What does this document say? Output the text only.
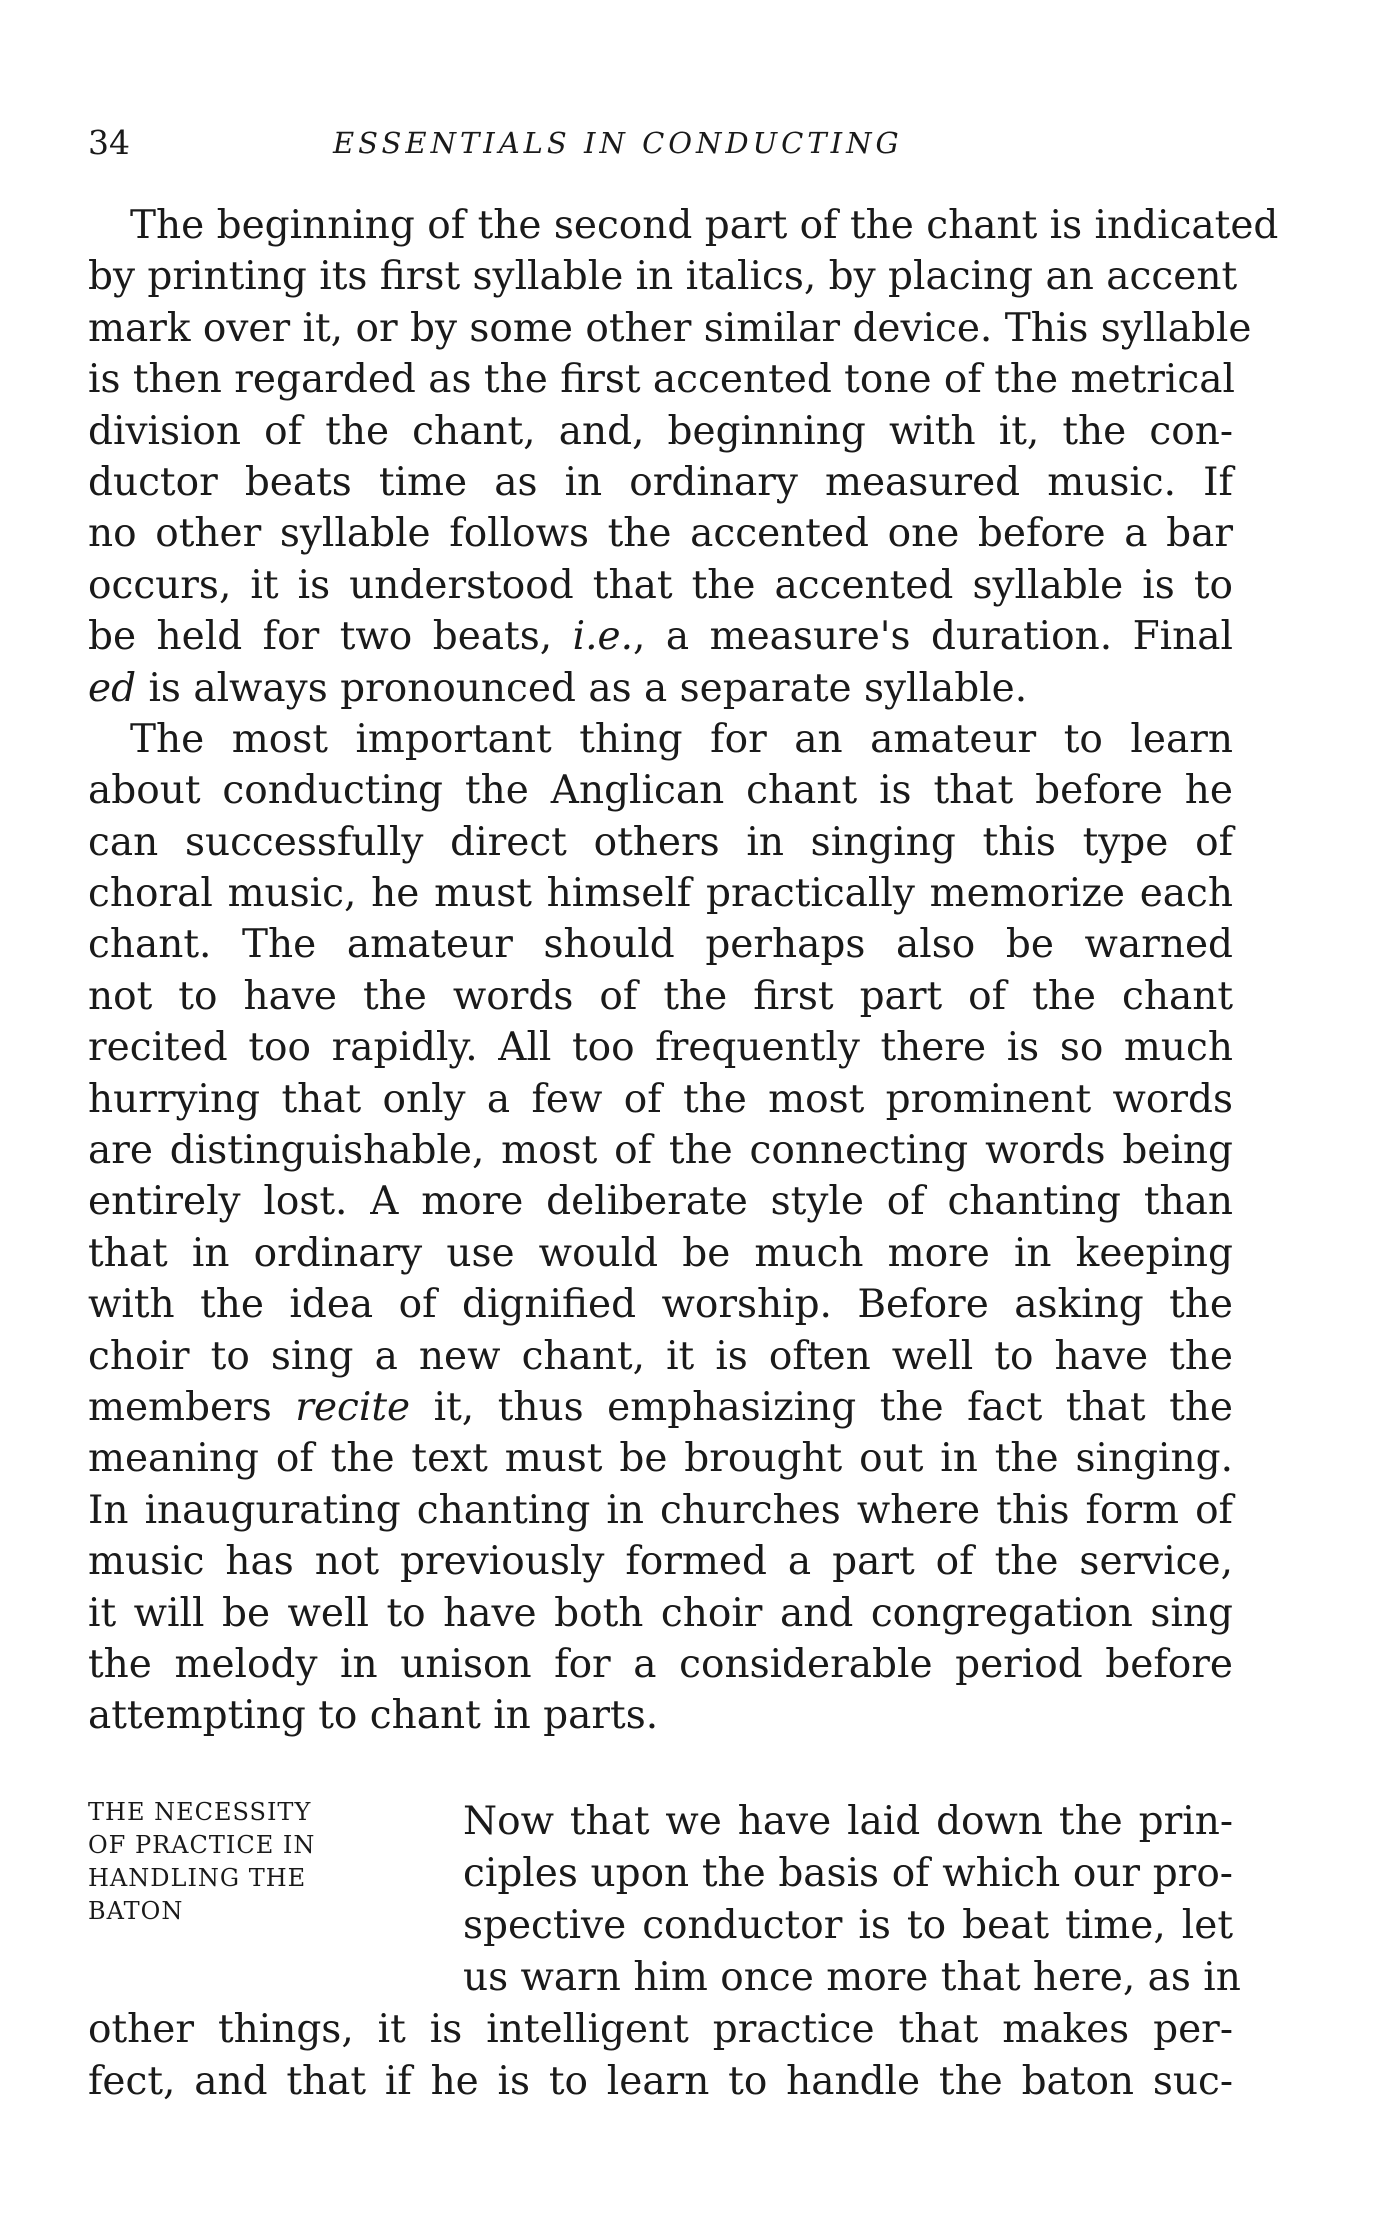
34	ESSENTIALS IN CONDUCTING
The beginning of the second part of the chant is indicated
by printing its first syllable in italics, by placing an accent
mark over it, or by some other similar device. This syllable
is then regarded as the first accented tone of the metrical
division of the chant, and, beginning with it, the con-
ductor beats time as in ordinary measured music. If
no other syllable follows the accented one before a bar
occurs, it is understood that the accented syllable is to
be held for two beats, i.e., a measure's duration. Final
ed is always pronounced as a separate syllable.
The most important thing for an amateur to learn
about conducting the Anglican chant is that before he
can successfully direct others in singing this type of
choral music, he must himself practically memorize each
chant. The amateur should perhaps also be warned
not to have the words of the first part of the chant
recited too rapidly. All too frequently there is so much
hurrying that only a few of the most prominent words
are distinguishable, most of the connecting words being
entirely lost. A more deliberate style of chanting than
that in ordinary use would be much more in keeping
with the idea of dignified worship. Before asking the
choir to sing a new chant, it is often well to have the
members recite it, thus emphasizing the fact that the
meaning of the text must be brought out in the singing.
In inaugurating chanting in churches where this form of
music has not previously formed a part of the service,
it will be well to have both choir and congregation sing
the melody in unison for a considerable period before
attempting to chant in parts.
THE NECESSITY
OF PRACTICE IN
HANDLING THE
BATON
Now that we have laid down the prin-
ciples upon the basis of which our pro-
spective conductor is to beat time, let
us warn him once more that here, as in
other things, it is intelligent practice that makes per-
fect, and that if he is to learn to handle the baton suc-
